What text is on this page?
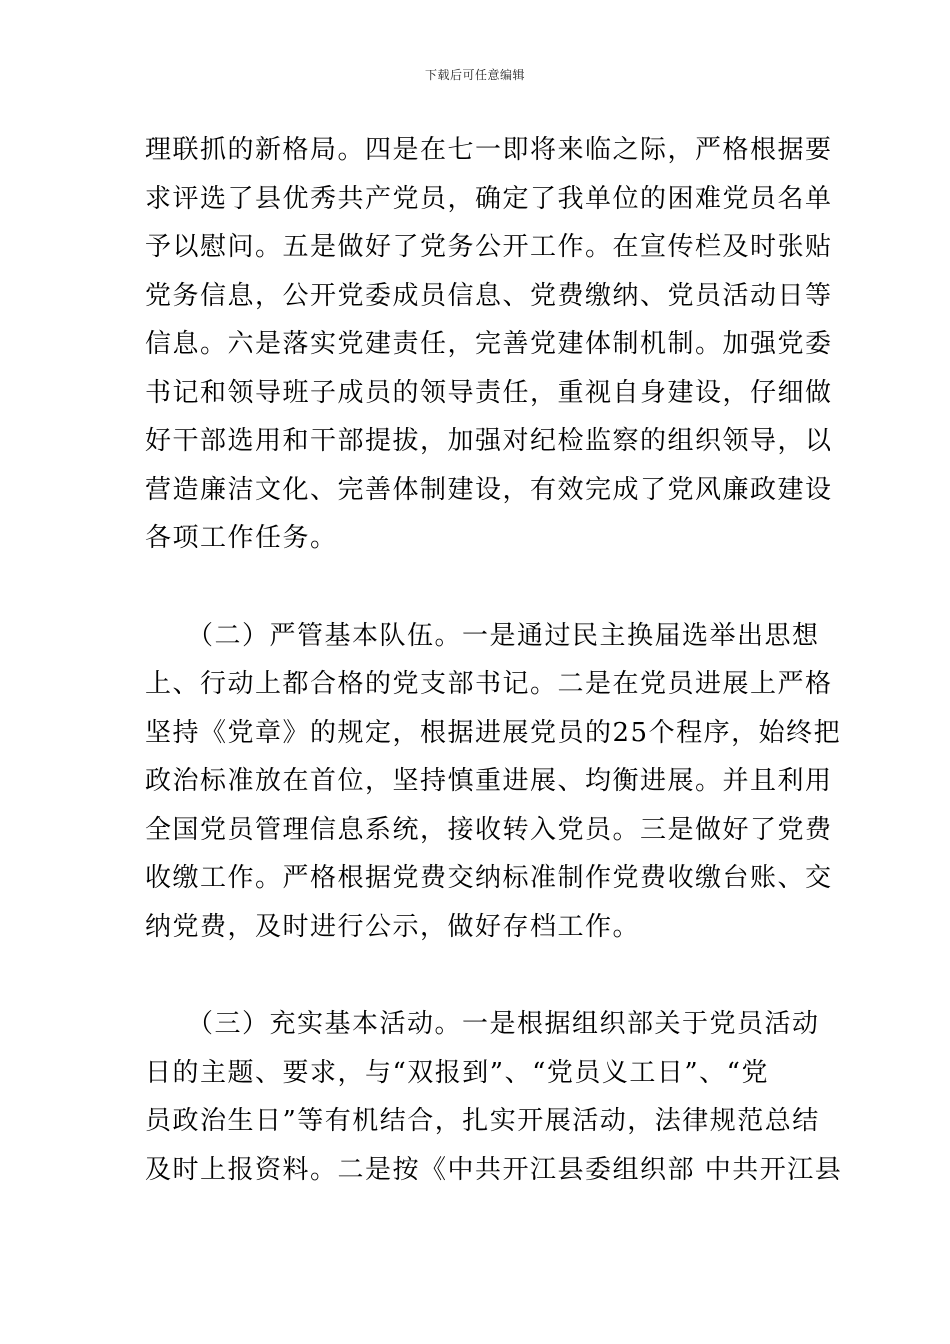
下载后可任意编辑
理联抓的新格局。四是在七一即将来临之际，严格根据要
求评选了县优秀共产党员，确定了我单位的困难党员名单
予以慰问。五是做好了党务公开工作。在宣传栏及时张贴
党务信息，公开党委成员信息、党费缴纳、党员活动日等
信息。六是落实党建责任，完善党建体制机制。加强党委
书记和领导班子成员的领导责任，重视自身建设，仔细做
好干部选用和干部提拔，加强对纪检监察的组织领导，以
营造廉洁文化、完善体制建设，有效完成了党风廉政建设
各项工作任务。
　　（二）严管基本队伍。一是通过民主换届选举出思想
上、行动上都合格的党支部书记。二是在党员进展上严格
坚持《党章》的规定，根据进展党员的25个程序，始终把
政治标准放在首位，坚持慎重进展、均衡进展。并且利用
全国党员管理信息系统，接收转入党员。三是做好了党费
收缴工作。严格根据党费交纳标准制作党费收缴台账、交
纳党费，及时进行公示，做好存档工作。
　　（三）充实基本活动。一是根据组织部关于党员活动
日的主题、要求，与“双报到”、“党员义工日”、“党
员政治生日”等有机结合，扎实开展活动，法律规范总结
及时上报资料。二是按《中共开江县委组织部 中共开江县
